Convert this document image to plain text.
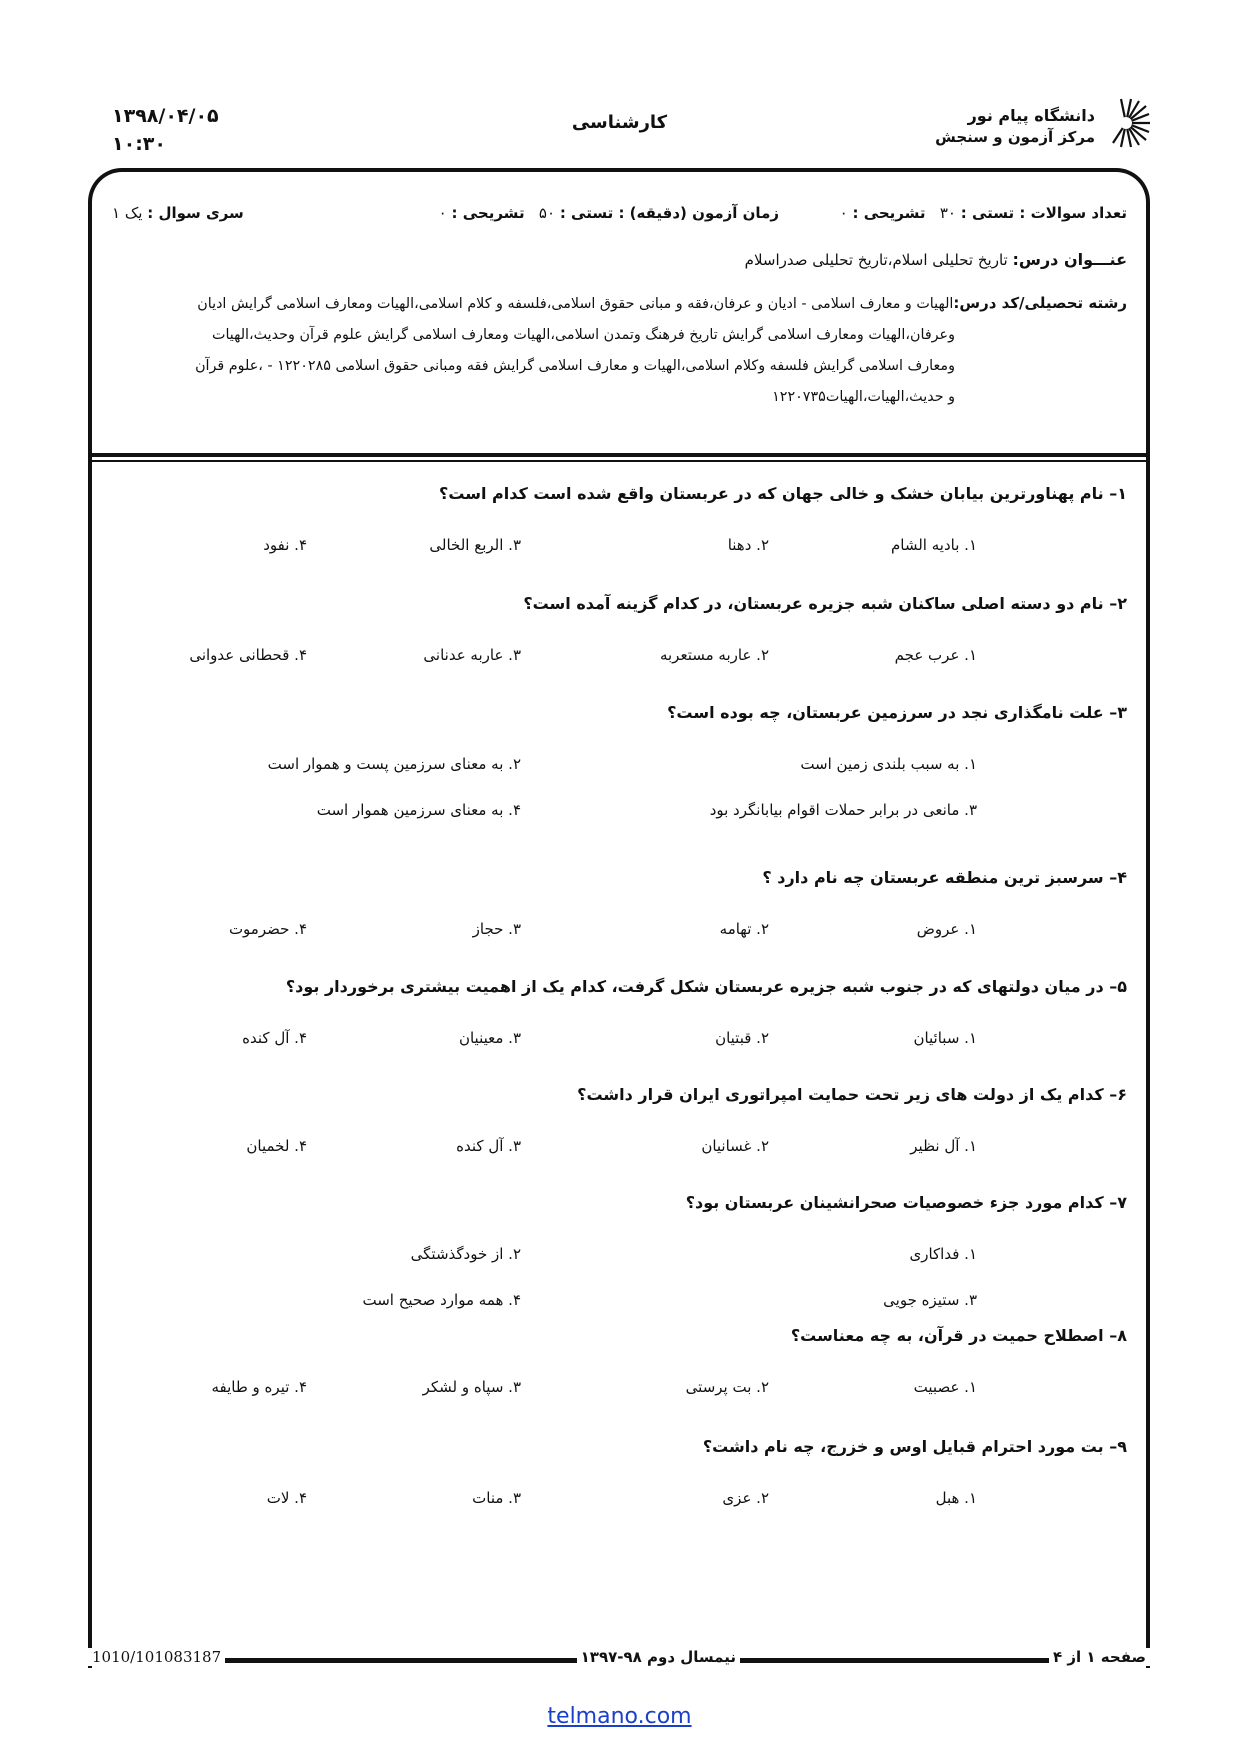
۱۳۹۸/۰۴/۰۵
۱۰:۳۰
کارشناسی	دانشگاه پیام نور
مرکز آزمون و سنجش
تعداد سوالات : تستی : ۳۰   تشریحی : ۰
زمان آزمون (دقیقه) : تستی : ۵۰   تشریحی : ۰
سری سوال : یک ۱
عنـــوان درس: تاریخ تحلیلی اسلام،تاریخ تحلیلی صدراسلام
رشته تحصیلی/کد درس:الهیات و معارف اسلامی - ادیان و عرفان،فقه و مبانی حقوق اسلامی،فلسفه و کلام اسلامی،الهیات ومعارف اسلامی گرایش ادیان
وعرفان،الهیات ومعارف اسلامی گرایش تاریخ فرهنگ وتمدن اسلامی،الهیات ومعارف اسلامی گرایش علوم قرآن وحدیث،الهیات
ومعارف اسلامی گرایش فلسفه وکلام اسلامی،الهیات و معارف اسلامی گرایش فقه ومبانی حقوق اسلامی ۱۲۲۰۲۸۵ - ،علوم قرآن
و حدیث،الهیات،الهیات۱۲۲۰۷۳۵
۱– نام پهناورترین بیابان خشک و خالی جهان که در عربستان واقع شده است کدام است؟
۱. بادیه الشام
۲. دهنا
۳. الربع الخالی
۴. نفود
۲– نام دو دسته اصلی ساکنان شبه جزیره عربستان، در کدام گزینه آمده است؟
۱. عرب عجم
۲. عاربه مستعربه
۳. عاربه عدنانی
۴. قحطانی عدوانی
۳– علت نامگذاری نجد در سرزمین عربستان، چه بوده است؟
۱. به سبب بلندی زمین است
۲. به معنای سرزمین پست و هموار است
۳. مانعی در برابر حملات اقوام بیابانگرد بود
۴. به معنای سرزمین هموار است
۴– سرسبز ترین منطقه عربستان چه نام دارد ؟
۱. عروض
۲. تهامه
۳. حجاز
۴. حضرموت
۵– در میان دولتهای که در جنوب شبه جزیره عربستان شکل گرفت، کدام یک از اهمیت بیشتری برخوردار بود؟
۱. سبائیان
۲. قبتیان
۳. معینیان
۴. آل کنده
۶– کدام یک از دولت های زیر تحت حمایت امپراتوری ایران قرار داشت؟
۱. آل نظیر
۲. غسانیان
۳. آل کنده
۴. لخمیان
۷– کدام مورد جزء خصوصیات صحرانشینان عربستان بود؟
۱. فداکاری
۲. از خودگذشتگی
۳. ستیزه جویی
۴. همه موارد صحیح است
۸– اصطلاح حمیت در قرآن، به چه معناست؟
۱. عصبیت
۲. بت پرستی
۳. سپاه و لشکر
۴. تیره و طایفه
۹– بت مورد احترام قبایل اوس و خزرج، چه نام داشت؟
۱. هبل
۲. عزی
۳. منات
۴. لات
صفحه ۱ از ۴
نیمسال دوم ۹۸-۱۳۹۷
1010/101083187
telmano.com
